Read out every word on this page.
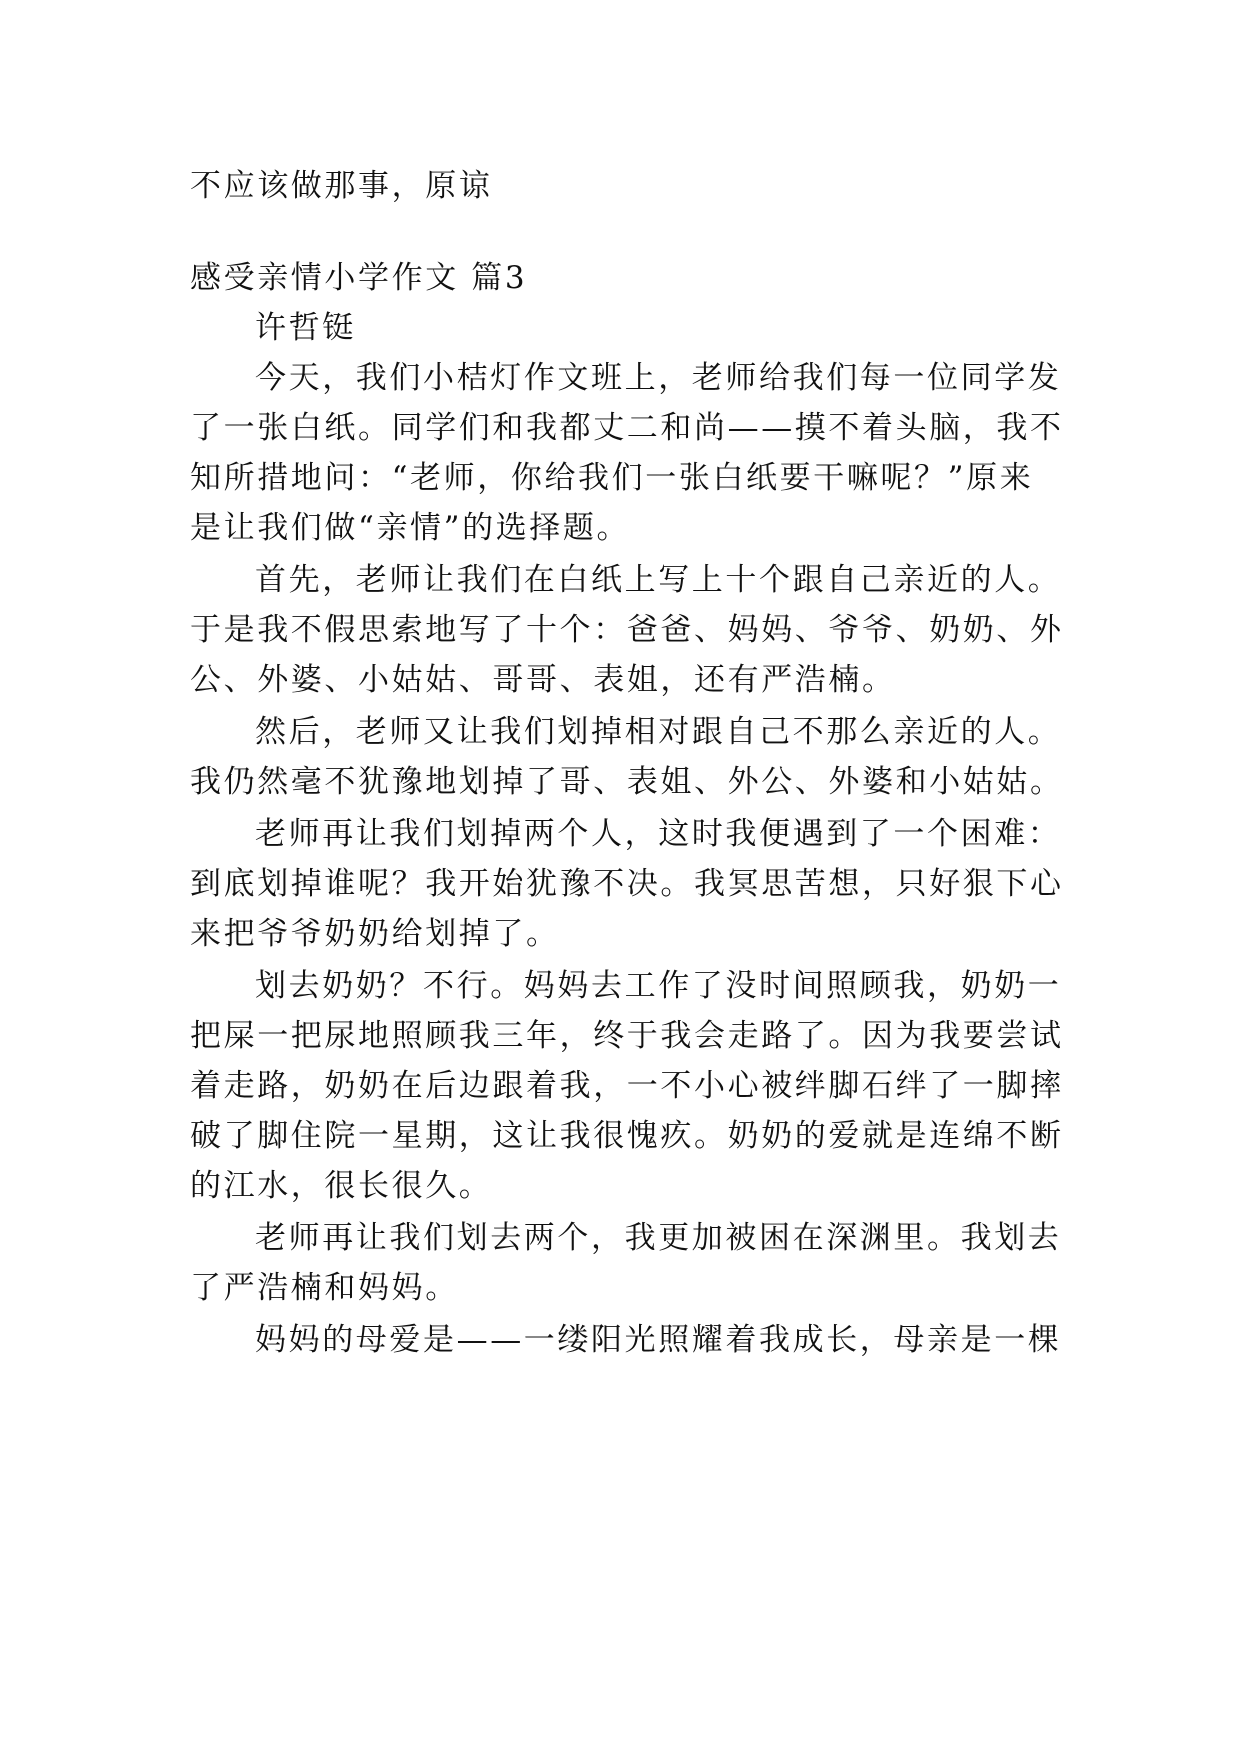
不应该做那事，原谅
感受亲情小学作文 篇3
许哲铤
今天，我们小桔灯作文班上，老师给我们每一位同学发
了一张白纸。同学们和我都丈二和尚——摸不着头脑，我不
知所措地问：“老师，你给我们一张白纸要干嘛呢？”原来
是让我们做“亲情”的选择题。
首先，老师让我们在白纸上写上十个跟自己亲近的人。
于是我不假思索地写了十个：爸爸、妈妈、爷爷、奶奶、外
公、外婆、小姑姑、哥哥、表姐，还有严浩楠。
然后，老师又让我们划掉相对跟自己不那么亲近的人。
我仍然毫不犹豫地划掉了哥、表姐、外公、外婆和小姑姑。
老师再让我们划掉两个人，这时我便遇到了一个困难：
到底划掉谁呢？我开始犹豫不决。我冥思苦想，只好狠下心
来把爷爷奶奶给划掉了。
划去奶奶？不行。妈妈去工作了没时间照顾我，奶奶一
把屎一把尿地照顾我三年，终于我会走路了。因为我要尝试
着走路，奶奶在后边跟着我，一不小心被绊脚石绊了一脚摔
破了脚住院一星期，这让我很愧疚。奶奶的爱就是连绵不断
的江水，很长很久。
老师再让我们划去两个，我更加被困在深渊里。我划去
了严浩楠和妈妈。
妈妈的母爱是——一缕阳光照耀着我成长，母亲是一棵
